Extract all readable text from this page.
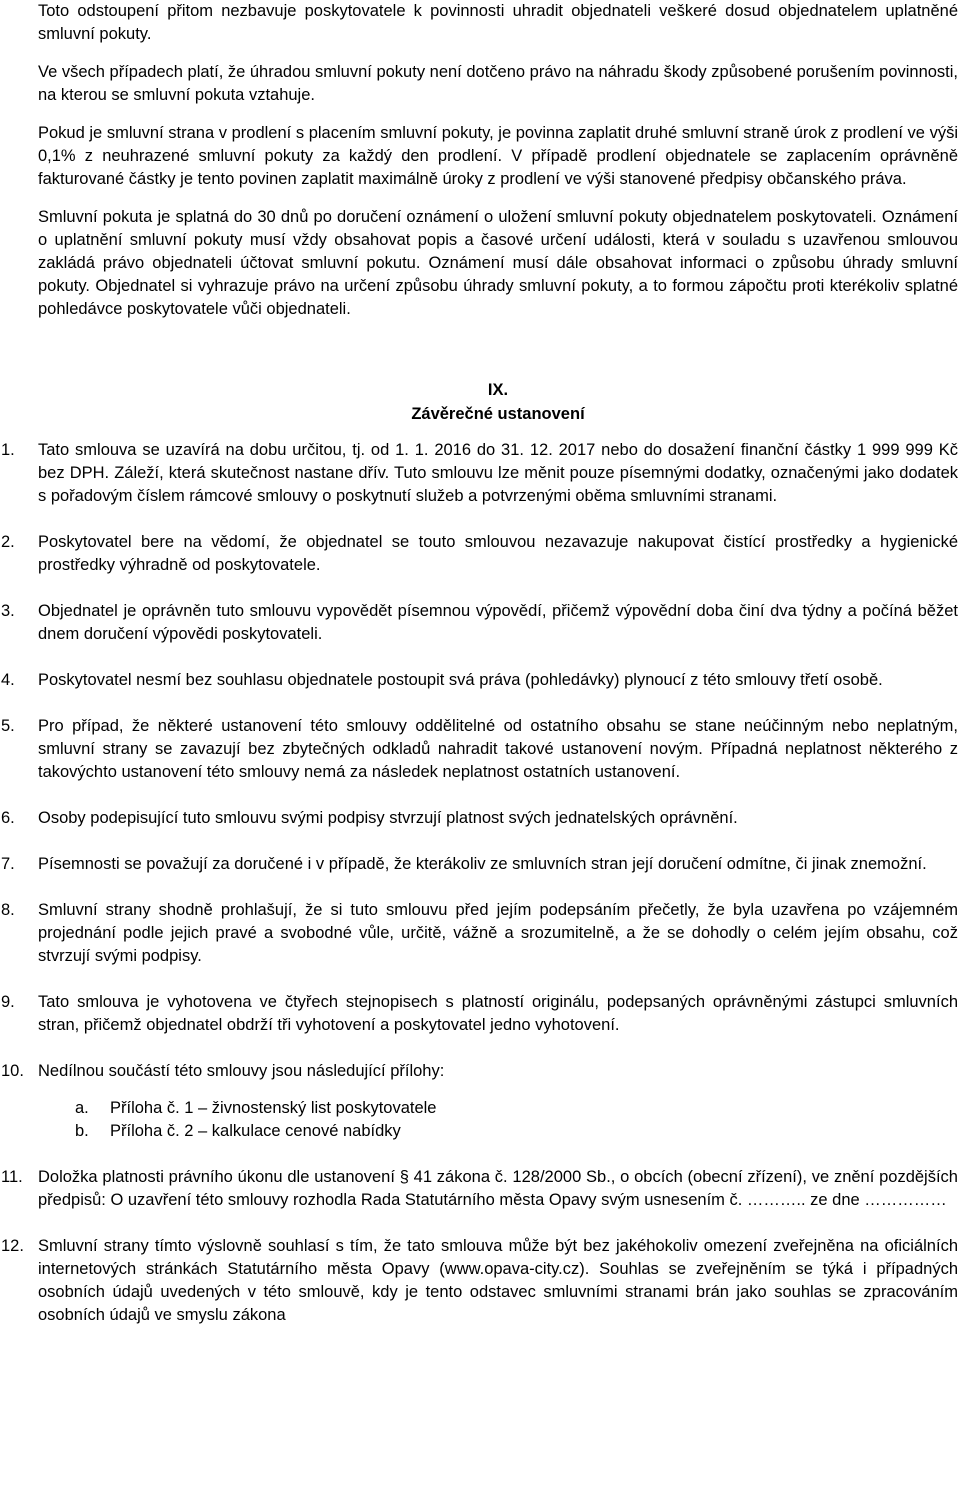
Toto odstoupení přitom nezbavuje poskytovatele k povinnosti uhradit objednateli veškeré dosud objednatelem uplatněné smluvní pokuty.

Ve všech případech platí, že úhradou smluvní pokuty není dotčeno právo na náhradu škody způsobené porušením povinnosti, na kterou se smluvní pokuta vztahuje.

Pokud je smluvní strana v prodlení s placením smluvní pokuty, je povinna zaplatit druhé smluvní straně úrok z prodlení ve výši 0,1% z neuhrazené smluvní pokuty za každý den prodlení. V případě prodlení objednatele se zaplacením oprávněně fakturované částky je tento povinen zaplatit maximálně úroky z prodlení ve výši stanovené předpisy občanského práva.

Smluvní pokuta je splatná do 30 dnů po doručení oznámení o uložení smluvní pokuty objednatelem poskytovateli. Oznámení o uplatnění smluvní pokuty musí vždy obsahovat popis a časové určení události, která v souladu s uzavřenou smlouvou zakládá právo objednateli účtovat smluvní pokutu. Oznámení musí dále obsahovat informaci o způsobu úhrady smluvní pokuty. Objednatel si vyhrazuje právo na určení způsobu úhrady smluvní pokuty, a to formou zápočtu proti kterékoliv splatné pohledávce poskytovatele vůči objednateli.

IX.
Závěrečné ustanovení
1.	Tato smlouva se uzavírá na dobu určitou, tj. od 1. 1. 2016 do 31. 12. 2017 nebo do dosažení finanční částky 1 999 999 Kč bez DPH. Záleží, která skutečnost nastane dřív. Tuto smlouvu lze měnit pouze písemnými dodatky, označenými jako dodatek s pořadovým číslem rámcové smlouvy o poskytnutí služeb a potvrzenými oběma smluvními stranami.
2.	Poskytovatel bere na vědomí, že objednatel se touto smlouvou nezavazuje nakupovat čistící prostředky a hygienické prostředky výhradně od poskytovatele.
3.	Objednatel je oprávněn tuto smlouvu vypovědět písemnou výpovědí, přičemž výpovědní doba činí dva týdny a počíná běžet dnem doručení výpovědi poskytovateli.
4.	Poskytovatel nesmí bez souhlasu objednatele postoupit svá práva (pohledávky) plynoucí z této smlouvy třetí osobě.
5.	Pro případ, že některé ustanovení této smlouvy oddělitelné od ostatního obsahu se stane neúčinným nebo neplatným, smluvní strany se zavazují bez zbytečných odkladů nahradit takové ustanovení novým. Případná neplatnost některého z takovýchto ustanovení této smlouvy nemá za následek neplatnost ostatních ustanovení.
6.	Osoby podepisující tuto smlouvu svými podpisy stvrzují platnost svých jednatelských oprávnění.
7.	Písemnosti se považují za doručené i v případě, že kterákoliv ze smluvních stran její doručení odmítne, či jinak znemožní.
8.	Smluvní strany shodně prohlašují, že si tuto smlouvu před jejím podepsáním přečetly, že byla uzavřena po vzájemném projednání podle jejich pravé a svobodné vůle, určitě, vážně a srozumitelně, a že se dohodly o celém jejím obsahu, což stvrzují svými podpisy.
9.	Tato smlouva je vyhotovena ve čtyřech stejnopisech s platností originálu, podepsaných oprávněnými zástupci smluvních stran, přičemž objednatel obdrží tři vyhotovení a poskytovatel jedno vyhotovení.
10. Nedílnou součástí této smlouvy jsou následující přílohy:
a. Příloha č. 1 – živnostenský list poskytovatele
b. Příloha č. 2 – kalkulace cenové nabídky
11. Doložka platnosti právního úkonu dle ustanovení § 41 zákona č. 128/2000 Sb., o obcích (obecní zřízení), ve znění pozdějších předpisů: O uzavření této smlouvy rozhodla Rada Statutárního města Opavy svým usnesením č. ……….. ze dne ……………
12. Smluvní strany tímto výslovně souhlasí s tím, že tato smlouva může být bez jakéhokoliv omezení zveřejněna na oficiálních internetových stránkách Statutárního města Opavy (www.opava-city.cz). Souhlas se zveřejněním se týká i případných osobních údajů uvedených v této smlouvě, kdy je tento odstavec smluvními stranami brán jako souhlas se zpracováním osobních údajů ve smyslu zákona
